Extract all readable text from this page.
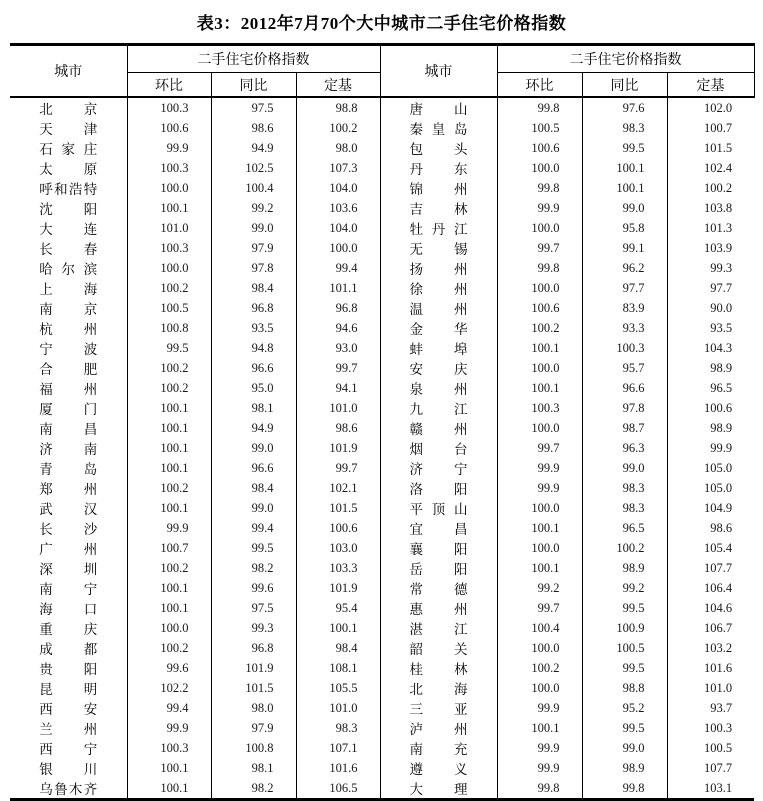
表3：2012年7月70个大中城市二手住宅价格指数
城市	二手住宅价格指数			城市	二手住宅价格指数		
	环比	同比	定基		环比	同比	定基
北京	100.3	97.5	98.8	唐山	99.8	97.6	102.0
天津	100.6	98.6	100.2	秦皇岛	100.5	98.3	100.7
石家庄	99.9	94.9	98.0	包头	100.6	99.5	101.5
太原	100.3	102.5	107.3	丹东	100.0	100.1	102.4
呼和浩特	100.0	100.4	104.0	锦州	99.8	100.1	100.2
沈阳	100.1	99.2	103.6	吉林	99.9	99.0	103.8
大连	101.0	99.0	104.0	牡丹江	100.0	95.8	101.3
长春	100.3	97.9	100.0	无锡	99.7	99.1	103.9
哈尔滨	100.0	97.8	99.4	扬州	99.8	96.2	99.3
上海	100.2	98.4	101.1	徐州	100.0	97.7	97.7
南京	100.5	96.8	96.8	温州	100.6	83.9	90.0
杭州	100.8	93.5	94.6	金华	100.2	93.3	93.5
宁波	99.5	94.8	93.0	蚌埠	100.1	100.3	104.3
合肥	100.2	96.6	99.7	安庆	100.0	95.7	98.9
福州	100.2	95.0	94.1	泉州	100.1	96.6	96.5
厦门	100.1	98.1	101.0	九江	100.3	97.8	100.6
南昌	100.1	94.9	98.6	赣州	100.0	98.7	98.9
济南	100.1	99.0	101.9	烟台	99.7	96.3	99.9
青岛	100.1	96.6	99.7	济宁	99.9	99.0	105.0
郑州	100.2	98.4	102.1	洛阳	99.9	98.3	105.0
武汉	100.1	99.0	101.5	平顶山	100.0	98.3	104.9
长沙	99.9	99.4	100.6	宜昌	100.1	96.5	98.6
广州	100.7	99.5	103.0	襄阳	100.0	100.2	105.4
深圳	100.2	98.2	103.3	岳阳	100.1	98.9	107.7
南宁	100.1	99.6	101.9	常德	99.2	99.2	106.4
海口	100.1	97.5	95.4	惠州	99.7	99.5	104.6
重庆	100.0	99.3	100.1	湛江	100.4	100.9	106.7
成都	100.2	96.8	98.4	韶关	100.0	100.5	103.2
贵阳	99.6	101.9	108.1	桂林	100.2	99.5	101.6
昆明	102.2	101.5	105.5	北海	100.0	98.8	101.0
西安	99.4	98.0	101.0	三亚	99.9	95.2	93.7
兰州	99.9	97.9	98.3	泸州	100.1	99.5	100.3
西宁	100.3	100.8	107.1	南充	99.9	99.0	100.5
银川	100.1	98.1	101.6	遵义	99.9	98.9	107.7
乌鲁木齐	100.1	98.2	106.5	大理	99.8	99.8	103.1
